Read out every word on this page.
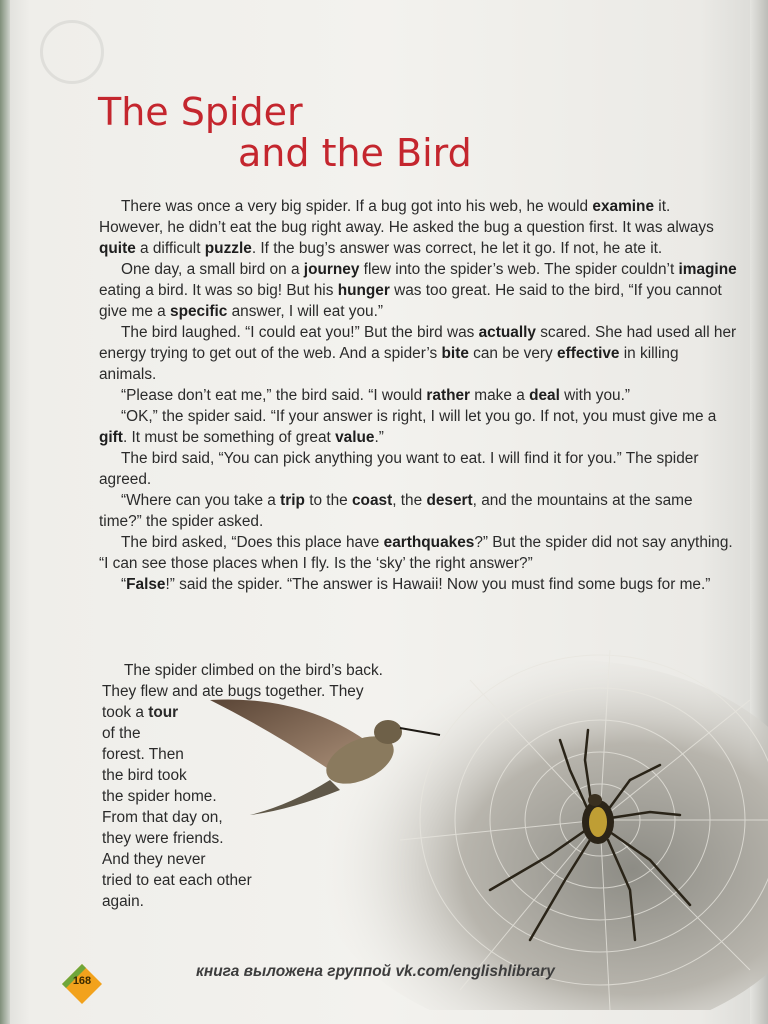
The Spider
and the Bird

There was once a very big spider. If a bug got into his web, he would examine it. However, he didn’t eat the bug right away. He asked the bug a question first. It was always quite a difficult puzzle. If the bug’s answer was correct, he let it go. If not, he ate it.

One day, a small bird on a journey flew into the spider’s web. The spider couldn’t imagine eating a bird. It was so big! But his hunger was too great. He said to the bird, “If you cannot give me a specific answer, I will eat you.”

The bird laughed. “I could eat you!” But the bird was actually scared. She had used all her energy trying to get out of the web. And a spider’s bite can be very effective in killing animals.

“Please don’t eat me,” the bird said. “I would rather make a deal with you.”

“OK,” the spider said. “If your answer is right, I will let you go. If not, you must give me a gift. It must be something of great value.”

The bird said, “You can pick anything you want to eat. I will find it for you.” The spider agreed.

“Where can you take a trip to the coast, the desert, and the mountains at the same time?” the spider asked.

The bird asked, “Does this place have earthquakes?” But the spider did not say anything. “I can see those places when I fly. Is the ‘sky’ the right answer?”

“False!” said the spider. “The answer is Hawaii! Now you must find some bugs for me.”

The spider climbed on the bird’s back.
They flew and ate bugs together. They
took a tour
of the
forest. Then
the bird took
the spider home.
From that day on,
they were friends.
And they never
tried to eat each other
again.
168
книга выложена группой vk.com/englishlibrary
